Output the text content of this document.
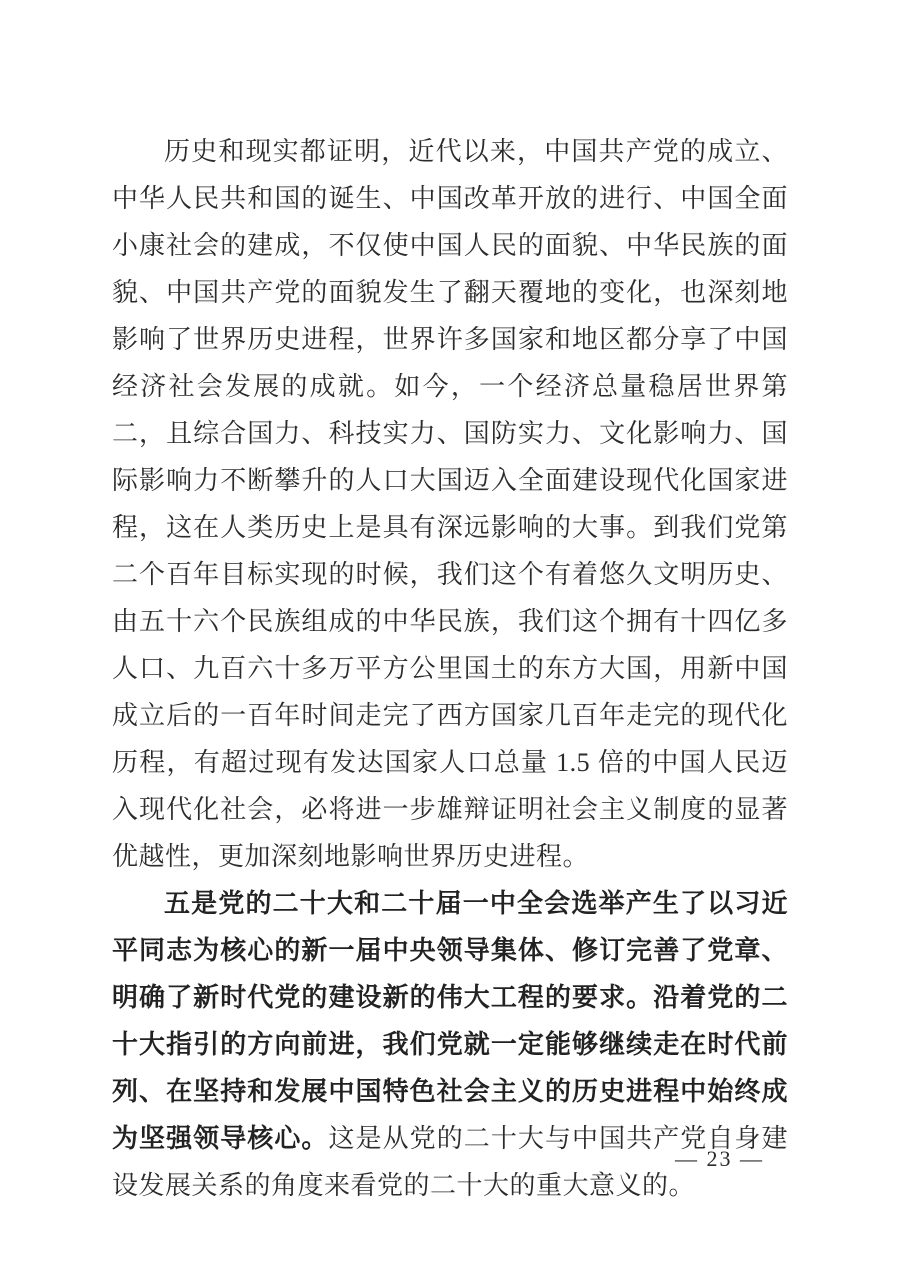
历史和现实都证明，近代以来，中国共产党的成立、中华人民共和国的诞生、中国改革开放的进行、中国全面小康社会的建成，不仅使中国人民的面貌、中华民族的面貌、中国共产党的面貌发生了翻天覆地的变化，也深刻地影响了世界历史进程，世界许多国家和地区都分享了中国经济社会发展的成就。如今，一个经济总量稳居世界第二，且综合国力、科技实力、国防实力、文化影响力、国际影响力不断攀升的人口大国迈入全面建设现代化国家进程，这在人类历史上是具有深远影响的大事。到我们党第二个百年目标实现的时候，我们这个有着悠久文明历史、由五十六个民族组成的中华民族，我们这个拥有十四亿多人口、九百六十多万平方公里国土的东方大国，用新中国成立后的一百年时间走完了西方国家几百年走完的现代化历程，有超过现有发达国家人口总量 1.5 倍的中国人民迈入现代化社会，必将进一步雄辩证明社会主义制度的显著优越性，更加深刻地影响世界历史进程。

五是党的二十大和二十届一中全会选举产生了以习近平同志为核心的新一届中央领导集体、修订完善了党章、明确了新时代党的建设新的伟大工程的要求。沿着党的二十大指引的方向前进，我们党就一定能够继续走在时代前列、在坚持和发展中国特色社会主义的历史进程中始终成为坚强领导核心。这是从党的二十大与中国共产党自身建设发展关系的角度来看党的二十大的重大意义的。

— 23 —
